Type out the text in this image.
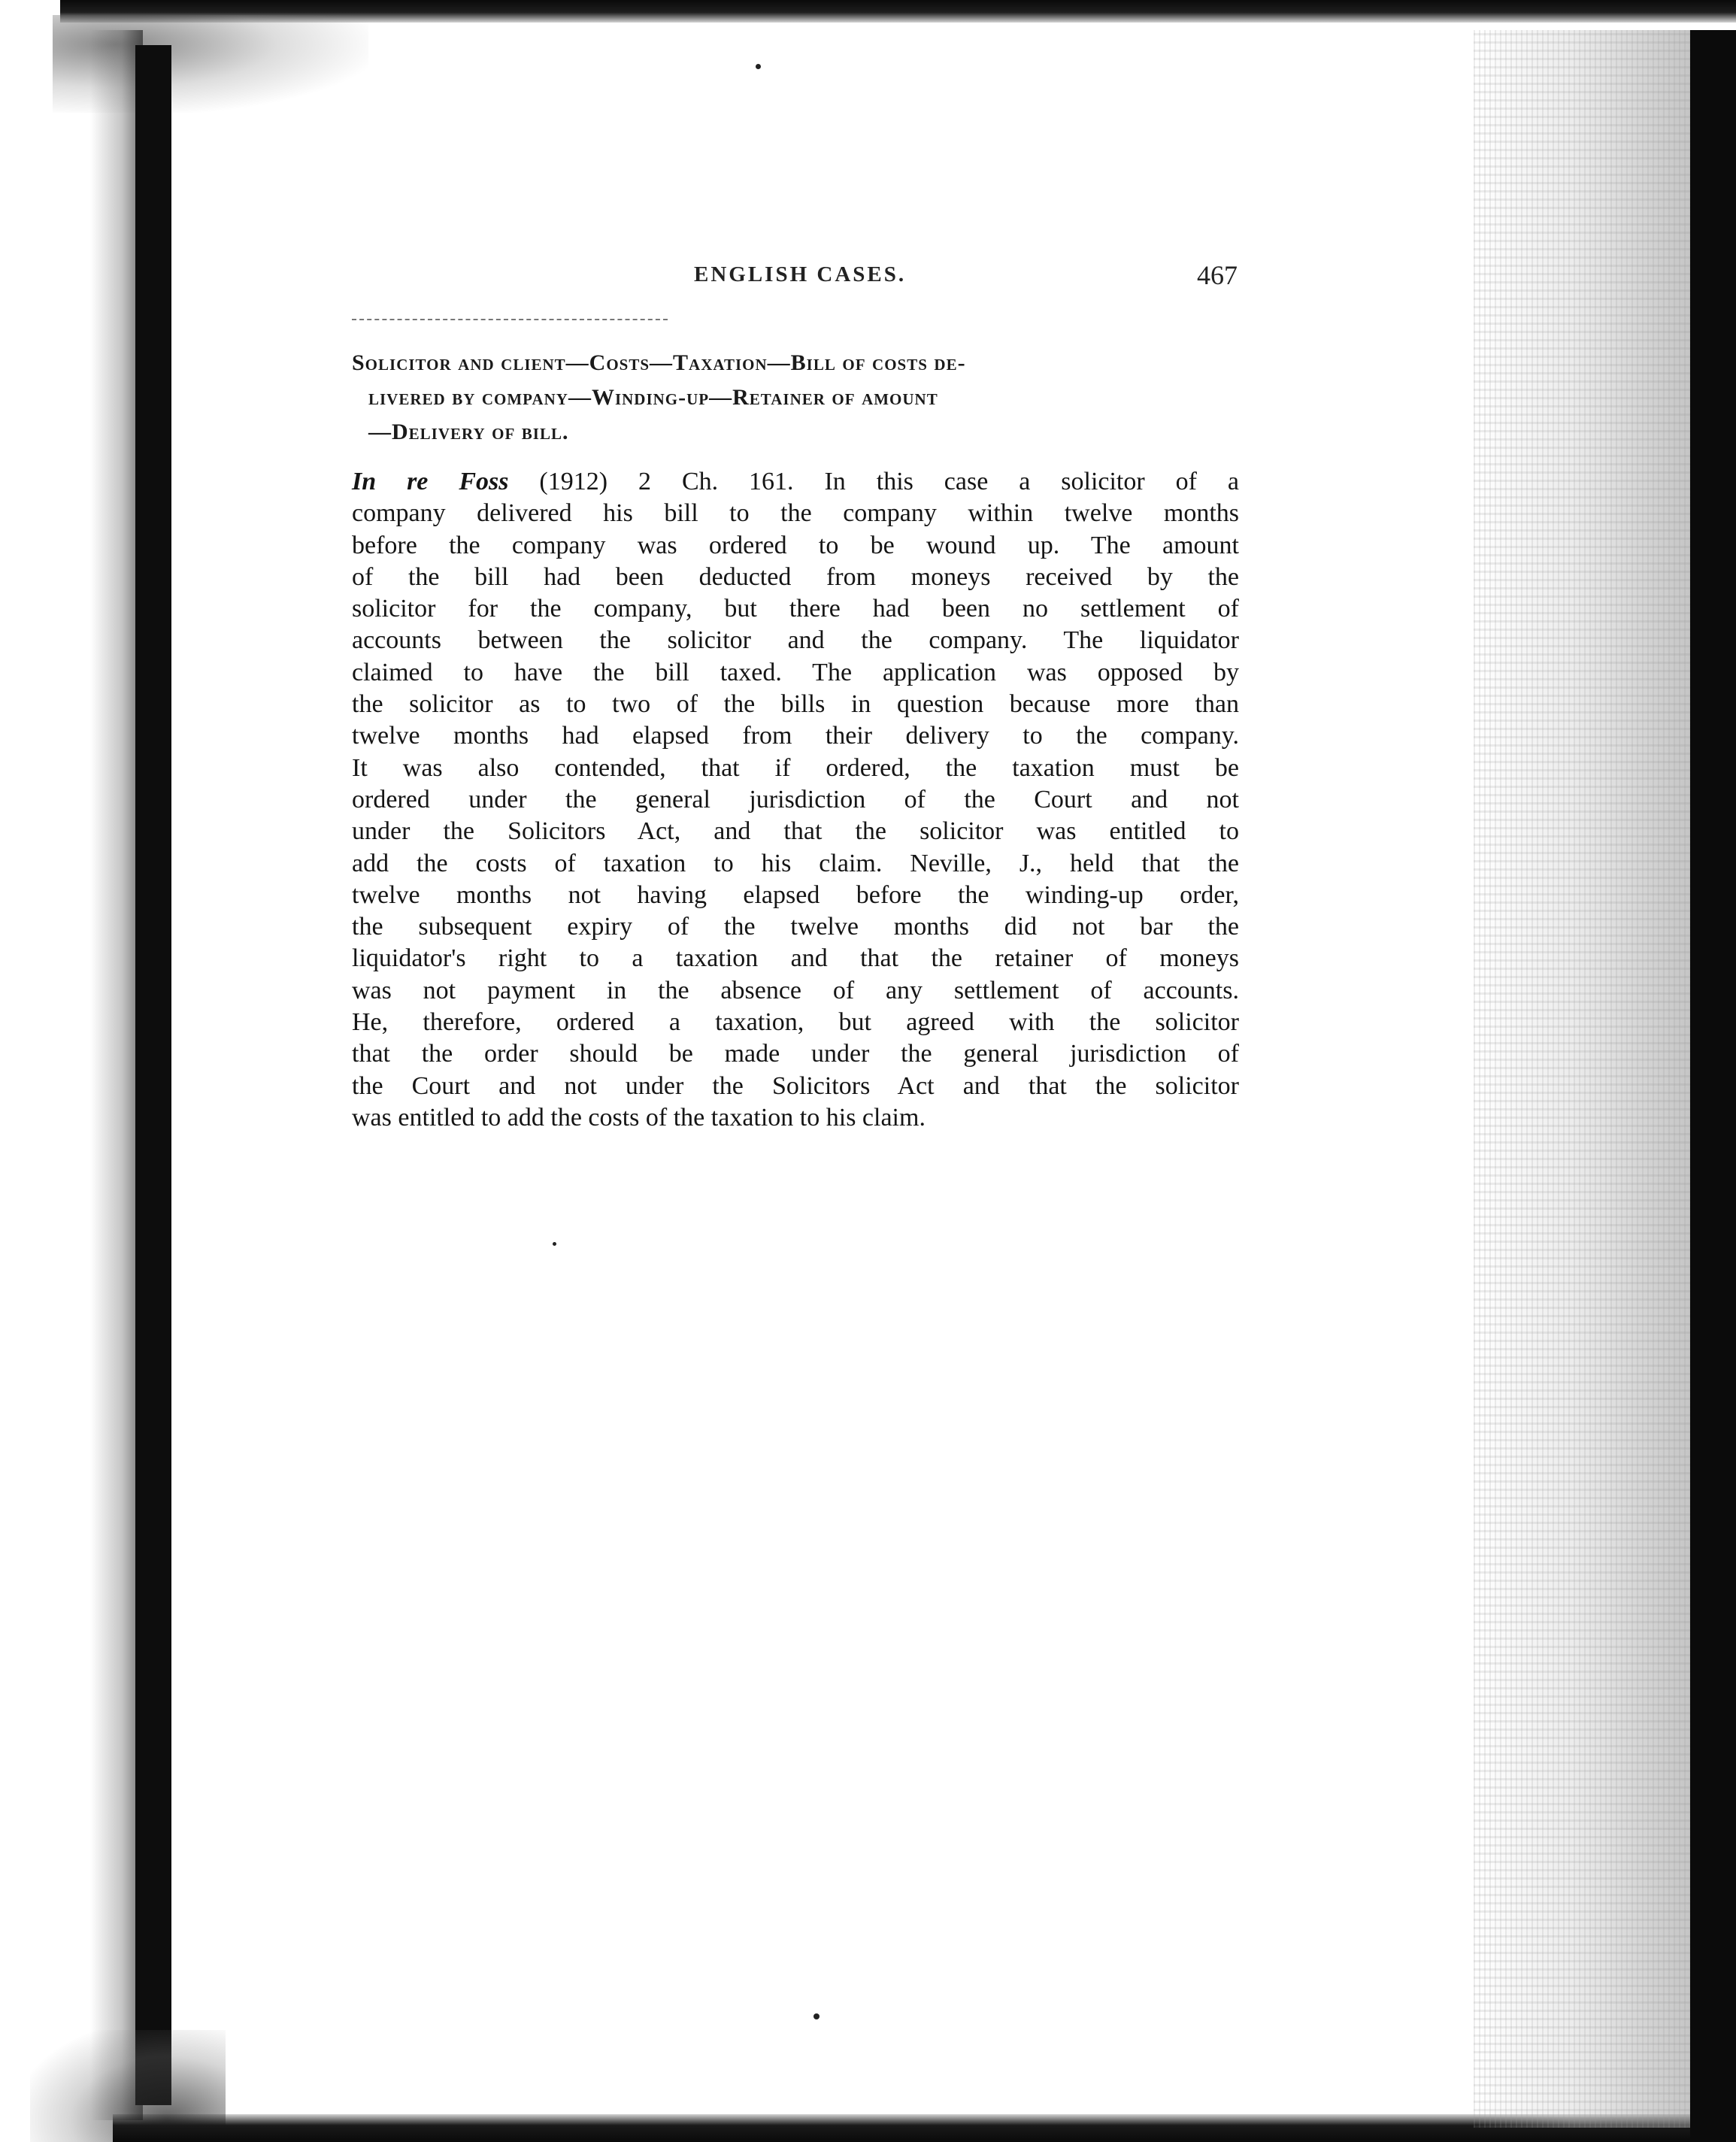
ENGLISH CASES.	467
Solicitor and client—Costs—Taxation—Bill of costs de-
livered by company—Winding-up—Retainer of amount
—Delivery of bill.
In re Foss (1912) 2 Ch. 161. In this case a solicitor of a
company delivered his bill to the company within twelve months
before the company was ordered to be wound up. The amount
of the bill had been deducted from moneys received by the
solicitor for the company, but there had been no settlement of
accounts between the solicitor and the company. The liquidator
claimed to have the bill taxed. The application was opposed by
the solicitor as to two of the bills in question because more than
twelve months had elapsed from their delivery to the company.
It was also contended, that if ordered, the taxation must be
ordered under the general jurisdiction of the Court and not
under the Solicitors Act, and that the solicitor was entitled to
add the costs of taxation to his claim. Neville, J., held that the
twelve months not having elapsed before the winding-up order,
the subsequent expiry of the twelve months did not bar the
liquidator's right to a taxation and that the retainer of moneys
was not payment in the absence of any settlement of accounts.
He, therefore, ordered a taxation, but agreed with the solicitor
that the order should be made under the general jurisdiction of
the Court and not under the Solicitors Act and that the solicitor
was entitled to add the costs of the taxation to his claim.
